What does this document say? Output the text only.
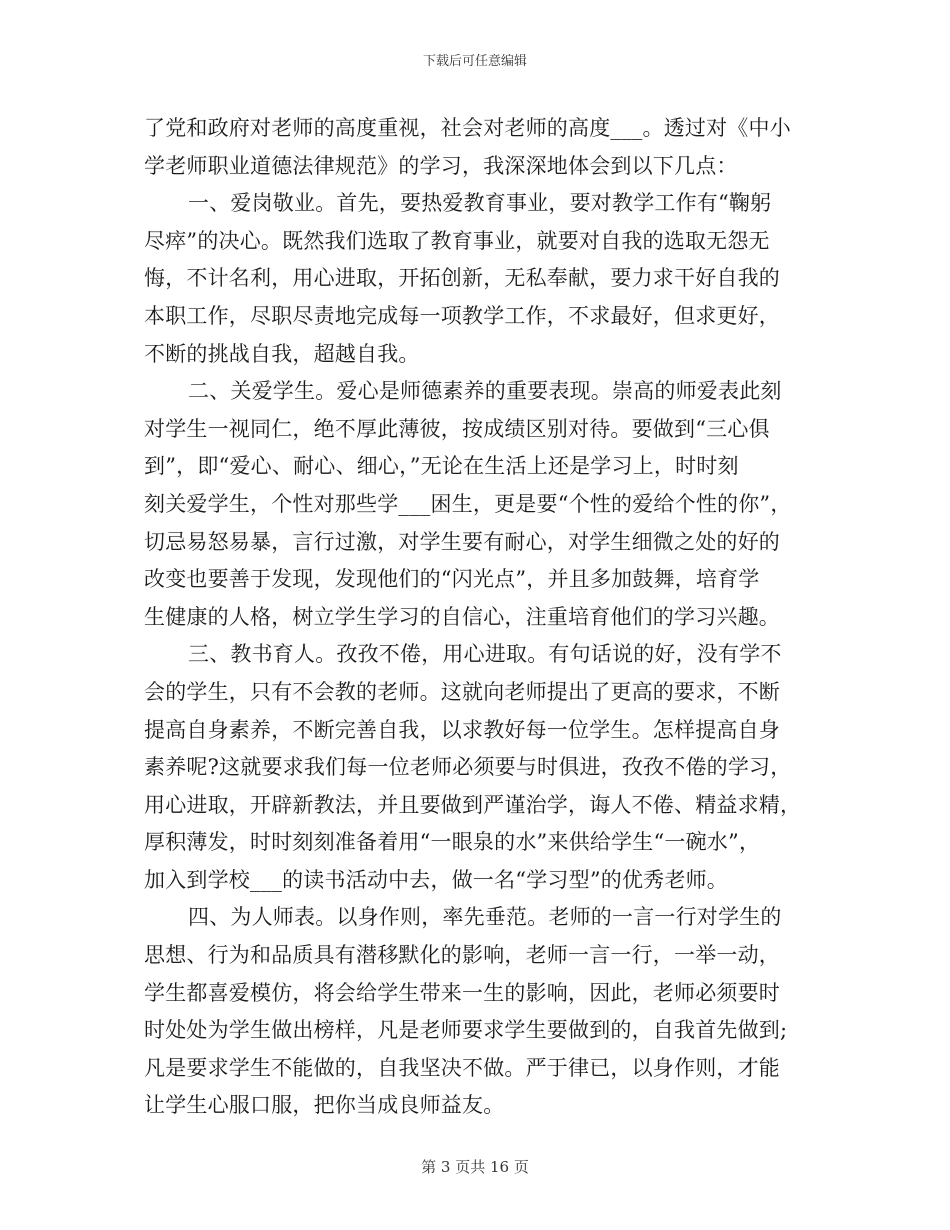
下载后可任意编辑
了党和政府对老师的高度重视，社会对老师的高度___。透过对《中小
学老师职业道德法律规范》的学习，我深深地体会到以下几点：
一、爱岗敬业。首先，要热爱教育事业，要对教学工作有“鞠躬
尽瘁”的决心。既然我们选取了教育事业，就要对自我的选取无怨无
悔，不计名利，用心进取，开拓创新，无私奉献，要力求干好自我的
本职工作，尽职尽责地完成每一项教学工作，不求最好，但求更好，
不断的挑战自我，超越自我。
二、关爱学生。爱心是师德素养的重要表现。崇高的师爱表此刻
对学生一视同仁，绝不厚此薄彼，按成绩区别对待。要做到“三心俱
到”，即“爱心、耐心、细心，”无论在生活上还是学习上，时时刻
刻关爱学生，个性对那些学___困生，更是要“个性的爱给个性的你”，
切忌易怒易暴，言行过激，对学生要有耐心，对学生细微之处的好的
改变也要善于发现，发现他们的“闪光点”，并且多加鼓舞，培育学
生健康的人格，树立学生学习的自信心，注重培育他们的学习兴趣。
三、教书育人。孜孜不倦，用心进取。有句话说的好，没有学不
会的学生，只有不会教的老师。这就向老师提出了更高的要求，不断
提高自身素养，不断完善自我，以求教好每一位学生。怎样提高自身
素养呢?这就要求我们每一位老师必须要与时俱进，孜孜不倦的学习，
用心进取，开辟新教法，并且要做到严谨治学，诲人不倦、精益求精，
厚积薄发，时时刻刻准备着用“一眼泉的水”来供给学生“一碗水”，
加入到学校___的读书活动中去，做一名“学习型”的优秀老师。
四、为人师表。以身作则，率先垂范。老师的一言一行对学生的
思想、行为和品质具有潜移默化的影响，老师一言一行，一举一动，
学生都喜爱模仿，将会给学生带来一生的影响，因此，老师必须要时
时处处为学生做出榜样，凡是老师要求学生要做到的，自我首先做到;
凡是要求学生不能做的，自我坚决不做。严于律已，以身作则，才能
让学生心服口服，把你当成良师益友。
第 3 页共 16 页
